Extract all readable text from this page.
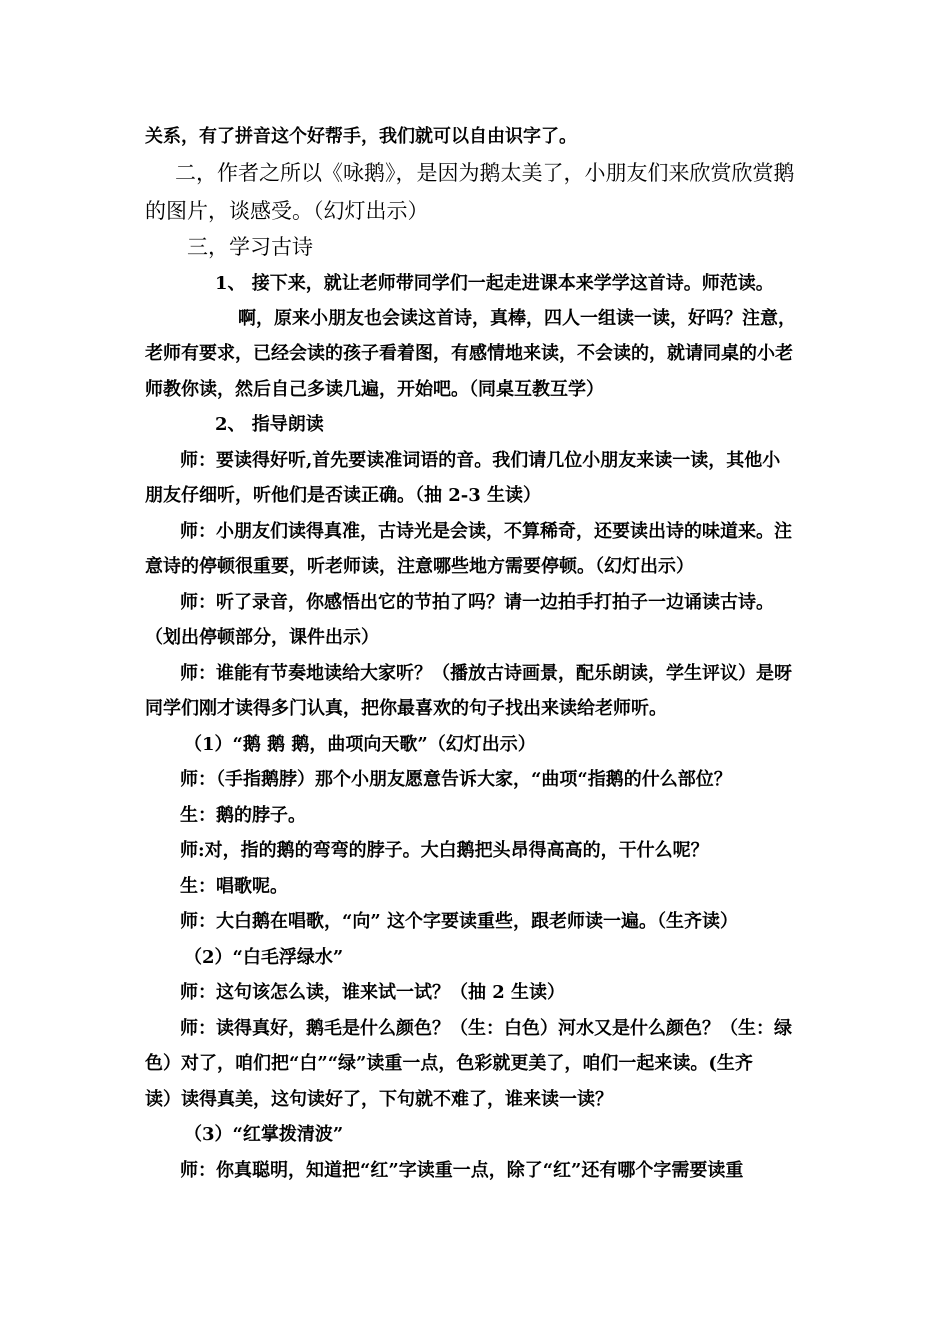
关系，有了拼音这个好帮手，我们就可以自由识字了。
二，作者之所以《咏鹅》，是因为鹅太美了，小朋友们来欣赏欣赏鹅
的图片，谈感受。（幻灯出示）
三，学习古诗
1、 接下来，就让老师带同学们一起走进课本来学学这首诗。师范读。
啊，原来小朋友也会读这首诗，真棒，四人一组读一读，好吗？注意，
老师有要求，已经会读的孩子看着图，有感情地来读，不会读的，就请同桌的小老
师教你读，然后自己多读几遍，开始吧。（同桌互教互学）
2、 指导朗读
师：要读得好听,首先要读准词语的音。我们请几位小朋友来读一读，其他小
朋友仔细听，听他们是否读正确。（抽 2-3 生读）
师：小朋友们读得真准，古诗光是会读，不算稀奇，还要读出诗的味道来。注
意诗的停顿很重要，听老师读，注意哪些地方需要停顿。（幻灯出示）
师：听了录音，你感悟出它的节拍了吗？请一边拍手打拍子一边诵读古诗。
（划出停顿部分，课件出示）
师：谁能有节奏地读给大家听？（播放古诗画景，配乐朗读，学生评议）是呀
同学们刚才读得多门认真，把你最喜欢的句子找出来读给老师听。
（1）“鹅 鹅 鹅，曲项向天歌”（幻灯出示）
师：（手指鹅脖）那个小朋友愿意告诉大家，“曲项“指鹅的什么部位？
生：鹅的脖子。
师:对，指的鹅的弯弯的脖子。大白鹅把头昂得高高的，干什么呢？
生：唱歌呢。
师：大白鹅在唱歌，“向” 这个字要读重些，跟老师读一遍。（生齐读）
（2）“白毛浮绿水”
师：这句该怎么读，谁来试一试？（抽 2 生读）
师：读得真好，鹅毛是什么颜色？（生：白色）河水又是什么颜色？（生：绿
色）对了，咱们把“白”“绿”读重一点，色彩就更美了，咱们一起来读。(生齐
读）读得真美，这句读好了，下句就不难了，谁来读一读？
（3）“红掌拨清波”
师：你真聪明，知道把“红”字读重一点，除了“红”还有哪个字需要读重
